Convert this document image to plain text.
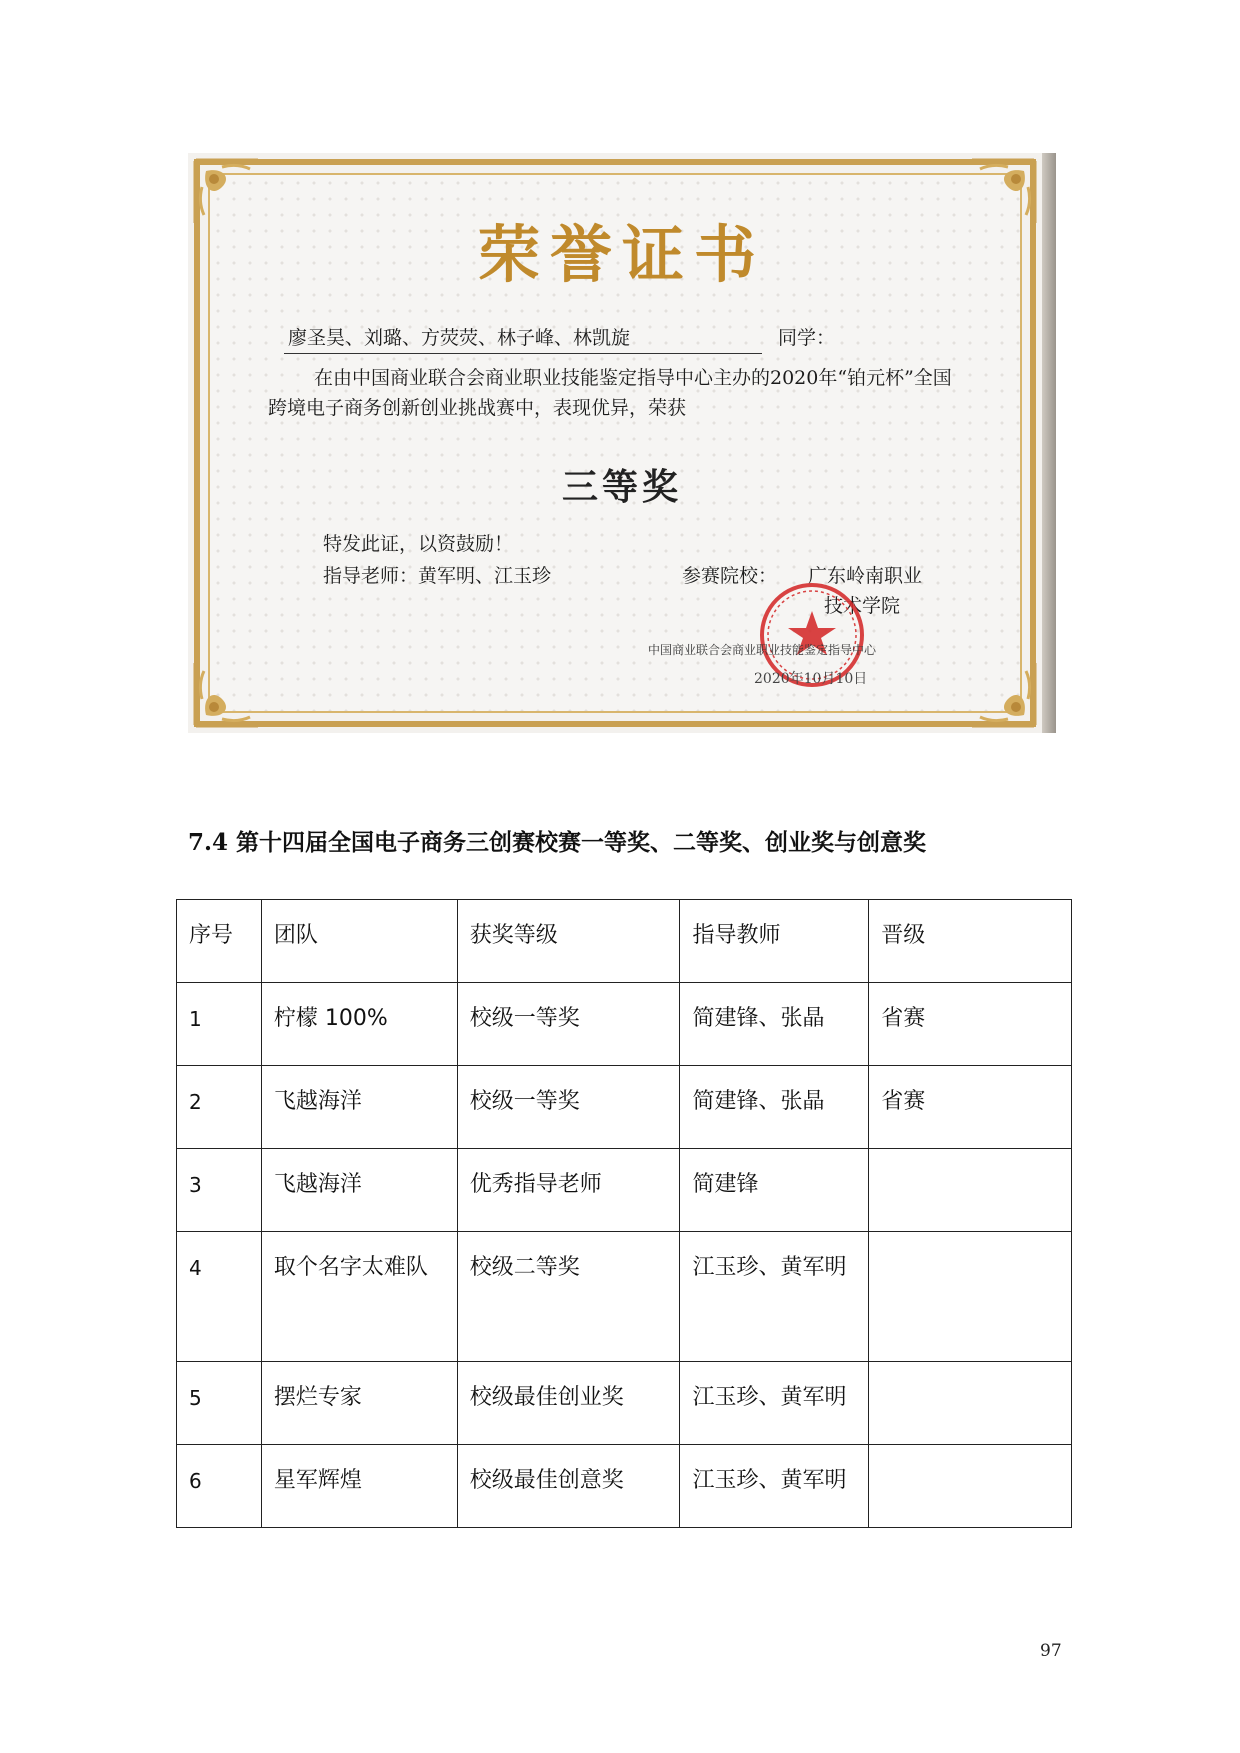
荣誉证书
廖圣昊、刘璐、方荧荧、林子峰、林凯旋	同学：
在由中国商业联合会商业职业技能鉴定指导中心主办的2020年“铂元杯”全国跨境电子商务创新创业挑战赛中，表现优异，荣获
三等奖
特发此证，以资鼓励！
指导老师：黄军明、江玉珍	参赛院校： 广东岭南职业
技术学院
中国商业联合会商业职业技能鉴定指导中心
2020年10月10日
7.4 第十四届全国电子商务三创赛校赛一等奖、二等奖、创业奖与创意奖
序号	团队	获奖等级	指导教师	晋级

1	柠檬 100%	校级一等奖	简建锋、张晶	省赛

2	飞越海洋	校级一等奖	简建锋、张晶	省赛

3	飞越海洋	优秀指导老师	简建锋	

4	取个名字太难队	校级二等奖	江玉珍、黄军明	

5	摆烂专家	校级最佳创业奖	江玉珍、黄军明	

6	星军辉煌	校级最佳创意奖	江玉珍、黄军明	

97
